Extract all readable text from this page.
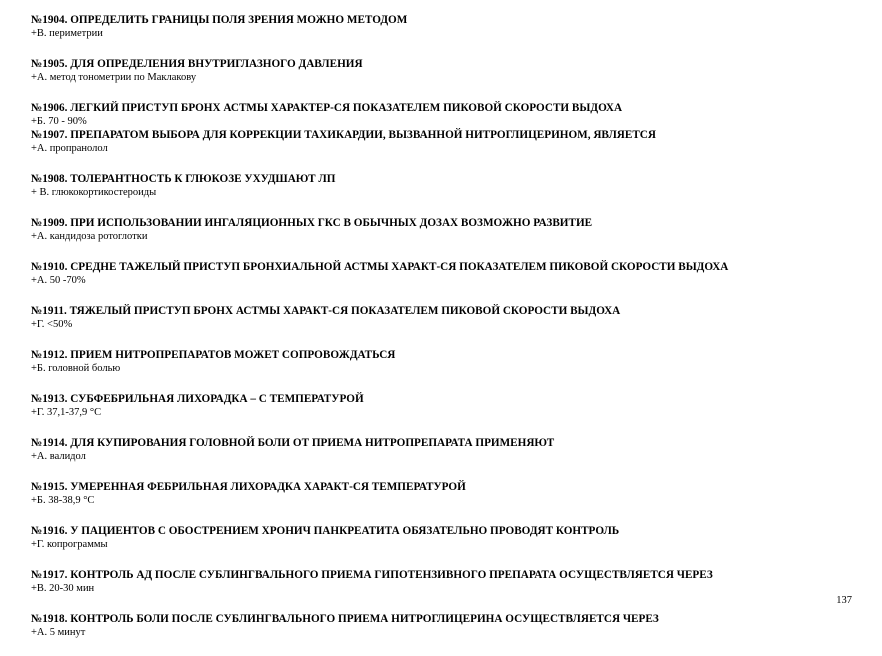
№1904. ОПРЕДЕЛИТЬ ГРАНИЦЫ ПОЛЯ ЗРЕНИЯ МОЖНО МЕТОДОМ
+В. периметрии
№1905. ДЛЯ ОПРЕДЕЛЕНИЯ ВНУТРИГЛАЗНОГО ДАВЛЕНИЯ
+А. метод тонометрии по Маклакову
№1906. ЛЕГКИЙ ПРИСТУП БРОНХ АСТМЫ ХАРАКТЕР-СЯ ПОКАЗАТЕЛЕМ ПИКОВОЙ СКОРОСТИ ВЫДОХА
+Б. 70 - 90%
№1907. ПРЕПАРАТОМ ВЫБОРА ДЛЯ КОРРЕКЦИИ ТАХИКАРДИИ, ВЫЗВАННОЙ НИТРОГЛИЦЕРИНОМ, ЯВЛЯЕТСЯ
+А. пропранолол
№1908. ТОЛЕРАНТНОСТЬ К ГЛЮКОЗЕ УХУДШАЮТ ЛП
+ В. глюкокортикостероиды
№1909. ПРИ ИСПОЛЬЗОВАНИИ ИНГАЛЯЦИОННЫХ ГКС В ОБЫЧНЫХ ДОЗАХ ВОЗМОЖНО РАЗВИТИЕ
+А. кандидоза ротоглотки
№1910. СРЕДНЕ ТАЖЕЛЫЙ ПРИСТУП БРОНХИАЛЬНОЙ АСТМЫ ХАРАКТ-СЯ ПОКАЗАТЕЛЕМ ПИКОВОЙ СКОРОСТИ ВЫДОХА
+А. 50 -70%
№1911. ТЯЖЕЛЫЙ ПРИСТУП БРОНХ АСТМЫ ХАРАКТ-СЯ ПОКАЗАТЕЛЕМ ПИКОВОЙ СКОРОСТИ ВЫДОХА
+Г. <50%
№1912. ПРИЕМ НИТРОПРЕПАРАТОВ МОЖЕТ СОПРОВОЖДАТЬСЯ
+Б. головной болью
№1913. СУБФЕБРИЛЬНАЯ ЛИХОРАДКА – С ТЕМПЕРАТУРОЙ
+Г. 37,1-37,9 °С
№1914. ДЛЯ КУПИРОВАНИЯ ГОЛОВНОЙ БОЛИ ОТ ПРИЕМА НИТРОПРЕПАРАТА ПРИМЕНЯЮТ
+А. валидол
№1915. УМЕРЕННАЯ ФЕБРИЛЬНАЯ ЛИХОРАДКА ХАРАКТ-СЯ ТЕМПЕРАТУРОЙ
+Б. 38-38,9 °С
№1916. У ПАЦИЕНТОВ С ОБОСТРЕНИЕМ ХРОНИЧ ПАНКРЕАТИТА ОБЯЗАТЕЛЬНО ПРОВОДЯТ КОНТРОЛЬ
+Г. копрограммы
№1917. КОНТРОЛЬ АД ПОСЛЕ СУБЛИНГВАЛЬНОГО ПРИЕМА ГИПОТЕНЗИВНОГО ПРЕПАРАТА ОСУЩЕСТВЛЯЕТСЯ ЧЕРЕЗ
+В. 20-30 мин
№1918. КОНТРОЛЬ БОЛИ ПОСЛЕ СУБЛИНГВАЛЬНОГО ПРИЕМА НИТРОГЛИЦЕРИНА ОСУЩЕСТВЛЯЕТСЯ ЧЕРЕЗ
+А. 5 минут
137
